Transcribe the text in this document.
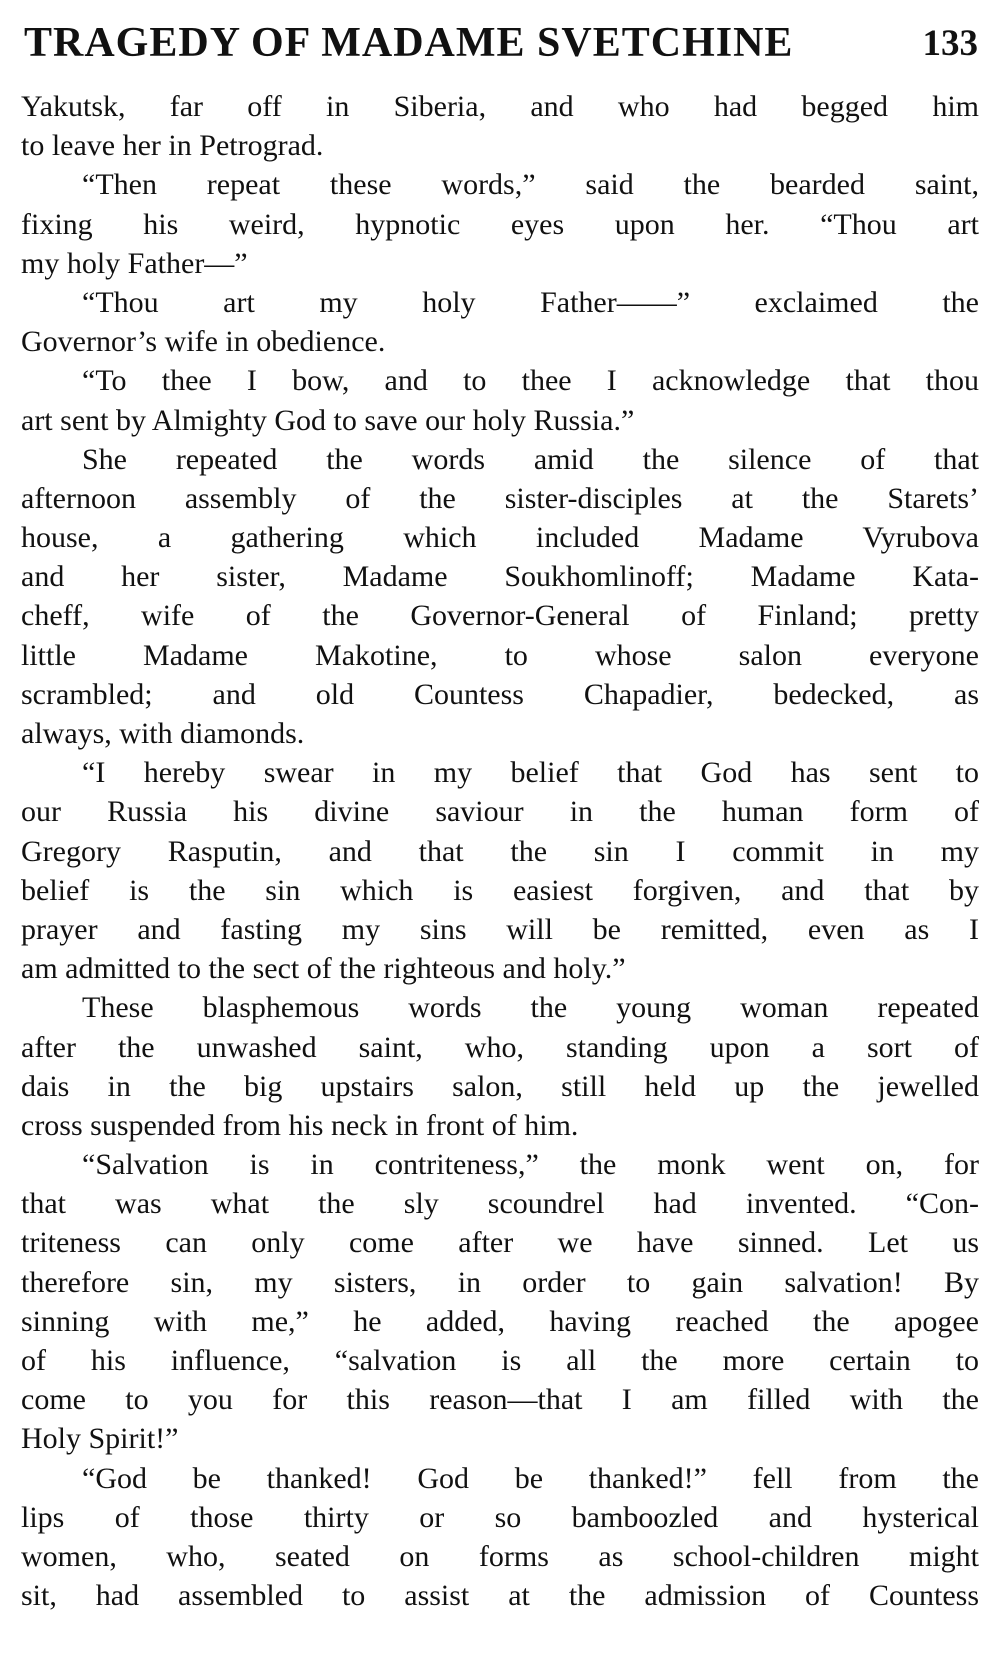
TRAGEDY OF MADAME SVETCHINE	133
Yakutsk, far off in Siberia, and who had begged him
to leave her in Petrograd.
“Then repeat these words,” said the bearded saint,
fixing his weird, hypnotic eyes upon her. “Thou art
my holy Father—”
“Thou art my holy Father——” exclaimed the
Governor’s wife in obedience.
“To thee I bow, and to thee I acknowledge that thou
art sent by Almighty God to save our holy Russia.”
She repeated the words amid the silence of that
afternoon assembly of the sister-disciples at the Starets’
house, a gathering which included Madame Vyrubova
and her sister, Madame Soukhomlinoff; Madame Kata-
cheff, wife of the Governor-General of Finland; pretty
little Madame Makotine, to whose salon everyone
scrambled; and old Countess Chapadier, bedecked, as
always, with diamonds.
“I hereby swear in my belief that God has sent to
our Russia his divine saviour in the human form of
Gregory Rasputin, and that the sin I commit in my
belief is the sin which is easiest forgiven, and that by
prayer and fasting my sins will be remitted, even as I
am admitted to the sect of the righteous and holy.”
These blasphemous words the young woman repeated
after the unwashed saint, who, standing upon a sort of
dais in the big upstairs salon, still held up the jewelled
cross suspended from his neck in front of him.
“Salvation is in contriteness,” the monk went on, for
that was what the sly scoundrel had invented. “Con-
triteness can only come after we have sinned. Let us
therefore sin, my sisters, in order to gain salvation! By
sinning with me,” he added, having reached the apogee
of his influence, “salvation is all the more certain to
come to you for this reason—that I am filled with the
Holy Spirit!”
“God be thanked! God be thanked!” fell from the
lips of those thirty or so bamboozled and hysterical
women, who, seated on forms as school-children might
sit, had assembled to assist at the admission of Countess
